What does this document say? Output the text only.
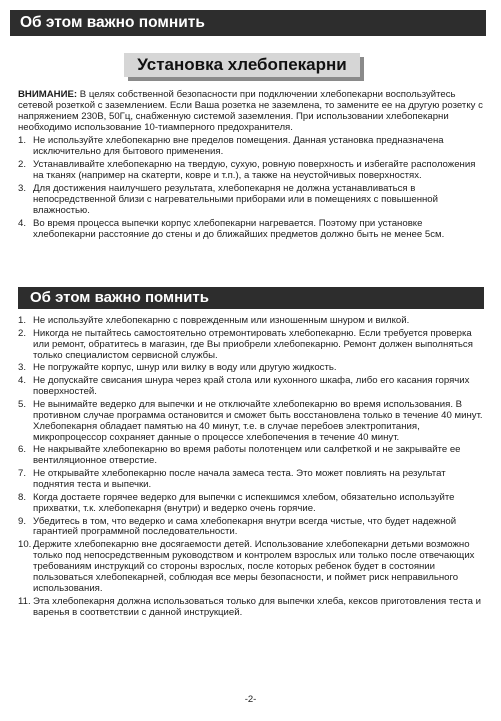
Об этом важно помнить
Установка хлебопекарни
ВНИМАНИЕ: В целях собственной безопасности при подключении хлебопекарни воспользуйтесь сетевой розеткой с заземлением. Если Ваша розетка не заземлена, то замените ее на другую розетку с напряжением 230В, 50Гц, снабженную системой заземления. При использовании хлебопекарни необходимо использование 10-тиамперного предохранителя.
1. Не используйте хлебопекарню вне пределов помещения. Данная установка предназначена исключительно для бытового применения.
2. Устанавливайте хлебопекарню на твердую, сухую, ровную поверхность и избегайте расположения на тканях (например на скатерти, ковре и т.п.), а также на неустойчивых поверхностях.
3. Для достижения наилучшего результата, хлебопекарня не должна устанавливаться в непосредственной близи с нагревательными приборами или в помещениях с повышенной влажностью.
4. Во время процесса выпечки корпус хлебопекарни нагревается. Поэтому при установке хлебопекарни расстояние до стены и до ближайших предметов должно быть не менее 5см.
Об этом важно помнить
1. Не используйте хлебопекарню с поврежденным или изношенным шнуром и вилкой.
2. Никогда не пытайтесь самостоятельно отремонтировать хлебопекарню. Если требуется проверка или ремонт, обратитесь в магазин, где Вы приобрели хлебопекарню. Ремонт должен выполняться только специалистом сервисной службы.
3. Не погружайте корпус, шнур или вилку в воду или другую жидкость.
4. Не допускайте свисания шнура через край стола или кухонного шкафа, либо его касания горячих поверхностей.
5. Не вынимайте ведерко для выпечки и не отключайте хлебопекарню во время использования. В противном случае программа остановится и сможет быть восстановлена только в течение 40 минут. Хлебопекарня обладает памятью на 40 минут, т.е. в случае перебоев электропитания, микропроцессор сохраняет данные о процессе хлебопечения в течение 40 минут.
6. Не накрывайте хлебопекарню во время работы полотенцем или салфеткой и не закрывайте ее вентиляционное отверстие.
7. Не открывайте хлебопекарню после начала замеса теста. Это может повлиять на результат поднятия теста и выпечки.
8. Когда достаете горячее ведерко для выпечки с испекшимся хлебом, обязательно используйте прихватки, т.к. хлебопекарня (внутри) и ведерко очень горячие.
9. Убедитесь в том, что ведерко и сама хлебопекарня внутри всегда чистые, что будет надежной гарантией программной последовательности.
10. Держите хлебопекарню вне досягаемости детей. Использование хлебопекарни детьми возможно только под непосредственным руководством и контролем взрослых или только после отвечающих требованиям инструкций со стороны взрослых, после которых ребенок будет в состоянии пользоваться хлебопекарней, соблюдая все меры безопасности, и поймет риск неправильного использования.
11. Эта хлебопекарня должна использоваться только для выпечки хлеба, кексов приготовления теста и варенья в соответствии с данной инструкцией.
-2-
